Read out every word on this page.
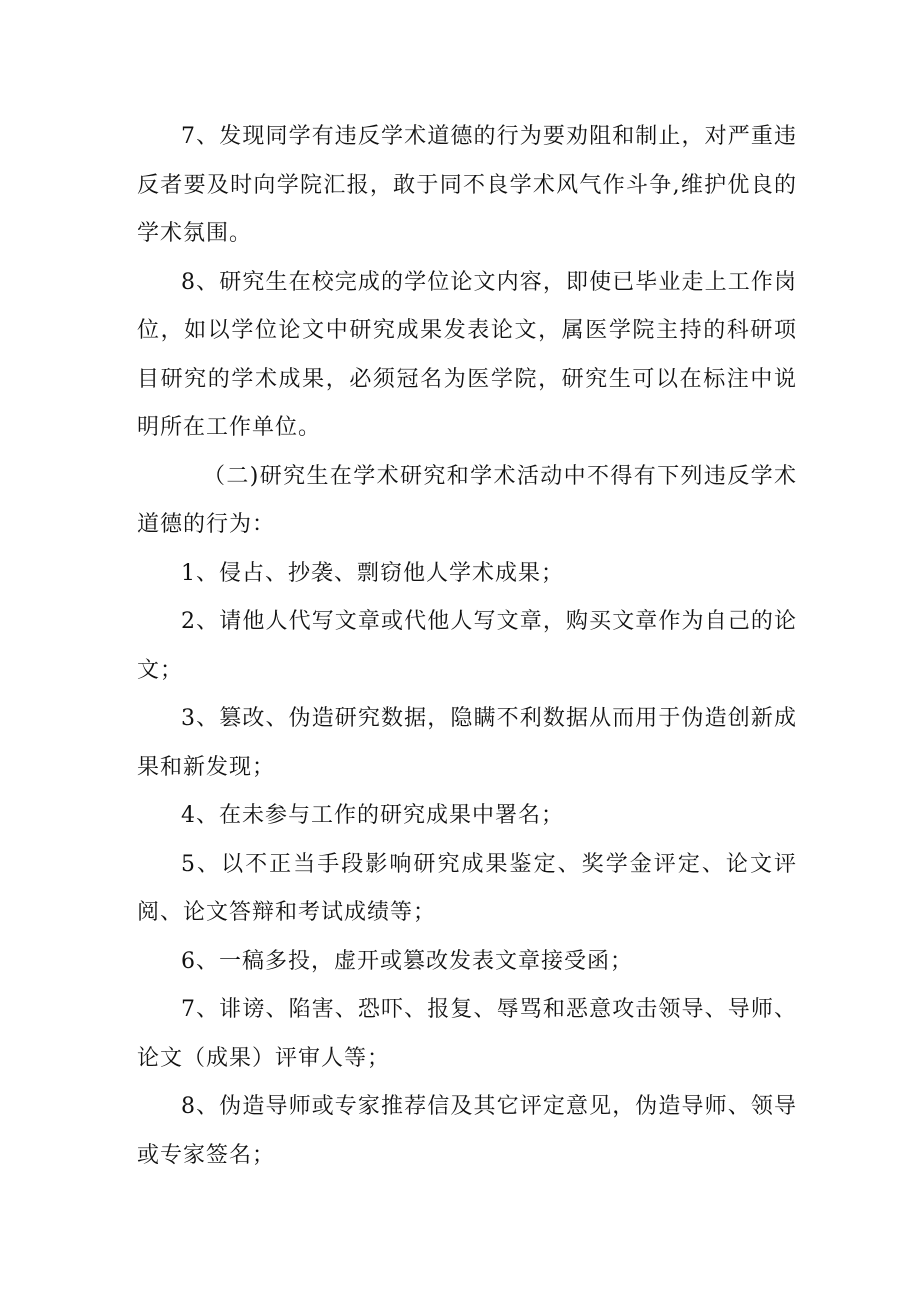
7、发现同学有违反学术道德的行为要劝阻和制止，对严重违反者要及时向学院汇报，敢于同不良学术风气作斗争,维护优良的学术氛围。

8、研究生在校完成的学位论文内容，即使已毕业走上工作岗位，如以学位论文中研究成果发表论文，属医学院主持的科研项目研究的学术成果，必须冠名为医学院，研究生可以在标注中说明所在工作单位。

（二)研究生在学术研究和学术活动中不得有下列违反学术道德的行为：

1、侵占、抄袭、剽窃他人学术成果；

2、请他人代写文章或代他人写文章，购买文章作为自己的论文；

3、篡改、伪造研究数据，隐瞒不利数据从而用于伪造创新成果和新发现；

4、在未参与工作的研究成果中署名；

5、以不正当手段影响研究成果鉴定、奖学金评定、论文评阅、论文答辩和考试成绩等；

6、一稿多投，虚开或篡改发表文章接受函；

7、诽谤、陷害、恐吓、报复、辱骂和恶意攻击领导、导师、论文（成果）评审人等；

8、伪造导师或专家推荐信及其它评定意见，伪造导师、领导或专家签名；
